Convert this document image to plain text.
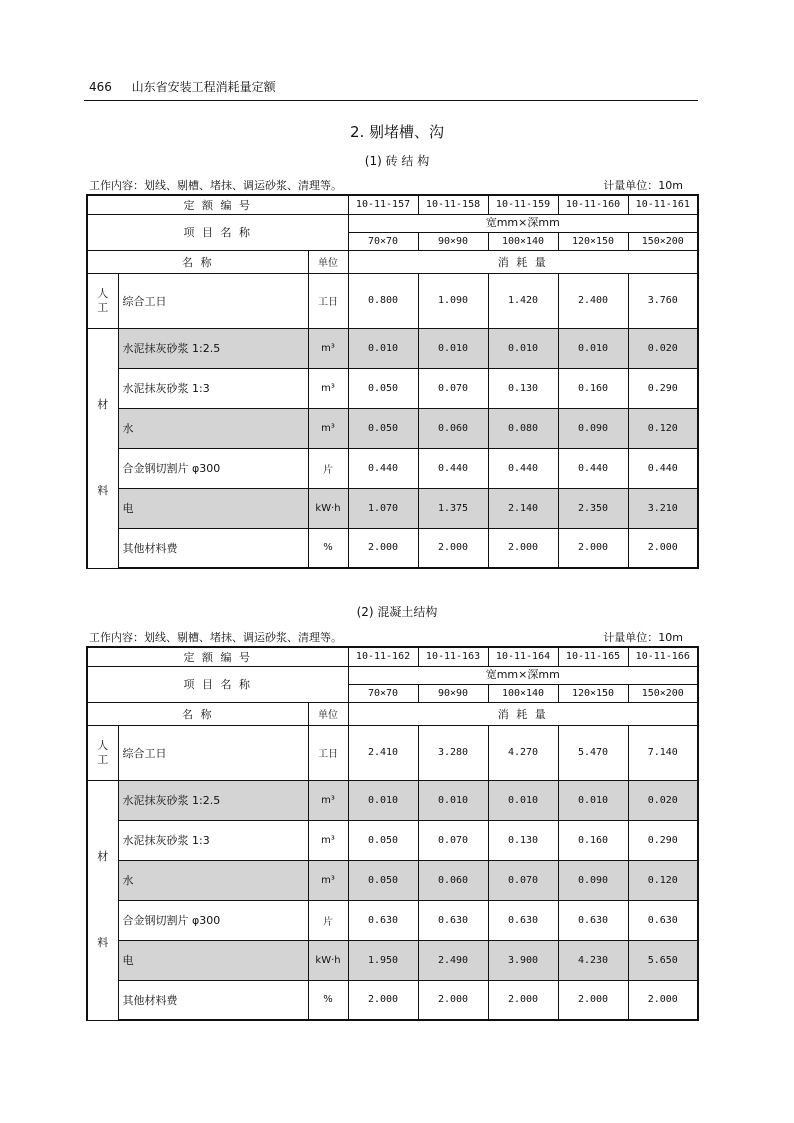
466 山东省安装工程消耗量定额
2. 剔堵槽、沟
(1) 砖 结 构
工作内容：划线、剔槽、堵抹、调运砂浆、清理等。	计量单位：10m
定 额 编 号			10-11-157	10-11-158	10-11-159	10-11-160	10-11-161
项 目 名 称			宽mm×深mm				
			70×70	90×90	100×140	120×150	150×200
名 称		单位	消 耗 量				
人工	综合工日	工日	0.800	1.090	1.420	2.400	3.760

材
料	水泥抹灰砂浆 1:2.5	m³	0.010	0.010	0.010	0.010	0.020
	水泥抹灰砂浆 1:3	m³	0.050	0.070	0.130	0.160	0.290
	水	m³	0.050	0.060	0.080	0.090	0.120
	合金钢切割片 φ300	片	0.440	0.440	0.440	0.440	0.440
	电	kW·h	1.070	1.375	2.140	2.350	3.210
	其他材料费	%	2.000	2.000	2.000	2.000	2.000
(2) 混凝土结构
工作内容：划线、剔槽、堵抹、调运砂浆、清理等。	计量单位：10m
定 额 编 号			10-11-162	10-11-163	10-11-164	10-11-165	10-11-166
项 目 名 称			宽mm×深mm				
			70×70	90×90	100×140	120×150	150×200
名 称		单位	消 耗 量				
人工	综合工日	工日	2.410	3.280	4.270	5.470	7.140

材
料	水泥抹灰砂浆 1:2.5	m³	0.010	0.010	0.010	0.010	0.020
	水泥抹灰砂浆 1:3	m³	0.050	0.070	0.130	0.160	0.290
	水	m³	0.050	0.060	0.070	0.090	0.120
	合金钢切割片 φ300	片	0.630	0.630	0.630	0.630	0.630
	电	kW·h	1.950	2.490	3.900	4.230	5.650
	其他材料费	%	2.000	2.000	2.000	2.000	2.000
